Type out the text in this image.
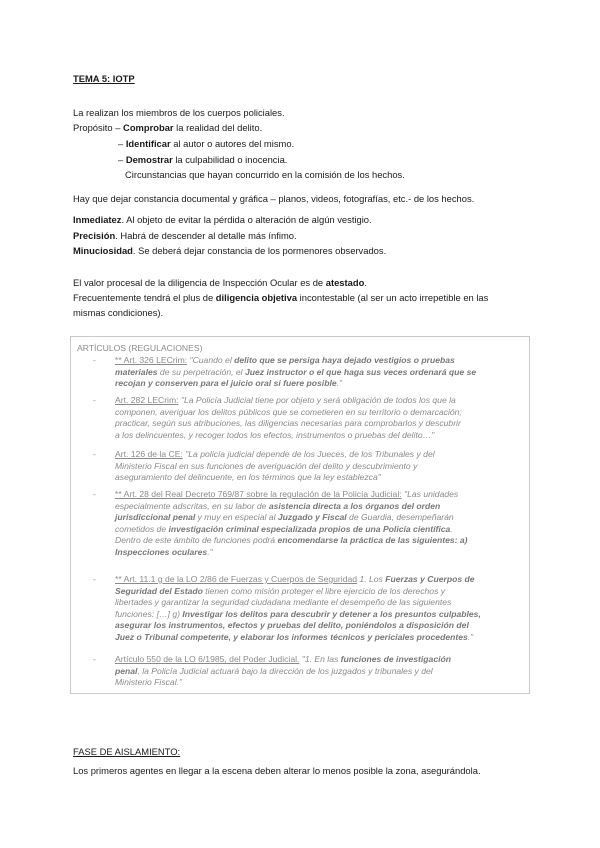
TEMA 5: IOTP
La realizan los miembros de los cuerpos policiales.
Propósito – Comprobar la realidad del delito.
– Identificar al autor o autores del mismo.
– Demostrar la culpabilidad o inocencia.
Circunstancias que hayan concurrido en la comisión de los hechos.
Hay que dejar constancia documental y gráfica – planos, videos, fotografías, etc.- de los hechos.
Inmediatez. Al objeto de evitar la pérdida o alteración de algún vestigio.
Precisión. Habrá de descender al detalle más ínfimo.
Minuciosidad. Se deberá dejar constancia de los pormenores observados.
El valor procesal de la diligencia de Inspección Ocular es de atestado.
Frecuentemente tendrá el plus de diligencia objetiva incontestable (al ser un acto irrepetible en las
mismas condiciones).
ARTÍCULOS (REGULACIONES)
- ** Art. 326 LECrim: "Cuando el delito que se persiga haya dejado vestigios o pruebas
materiales de su perpetración, el Juez instructor o el que haga sus veces ordenará que se
recojan y conserven para el juicio oral si fuere posible."
- Art. 282 LECrim: "La Policía Judicial tiene por objeto y será obligación de todos los que la
componen, averiguar los delitos públicos que se cometieren en su territorio o demarcación;
practicar, según sus atribuciones, las diligencias necesarias para comprobarlos y descubrir
a los delincuentes, y recoger todos los efectos, instrumentos o pruebas del delito…"
- Art. 126 de la CE: "La policía judicial depende de los Jueces, de los Tribunales y del
Ministerio Fiscal en sus funciones de averiguación del delito y descubrimiento y
aseguramiento del delincuente, en los términos que la ley establezca"
- ** Art. 28 del Real Decreto 769/87 sobre la regulación de la Policía Judicial: "Las unidades
especialmente adscritas, en su labor de asistencia directa a los órganos del orden
jurisdiccional penal y muy en especial al Juzgado y Fiscal de Guardia, desempeñarán
cometidos de investigación criminal especializada propios de una Policía científica.
Dentro de este ámbito de funciones podrá encomendarse la práctica de las siguientes: a)
Inspecciones oculares."
- ** Art. 11.1 g de la LO 2/86 de Fuerzas y Cuerpos de Seguridad 1. Los Fuerzas y Cuerpos de
Seguridad del Estado tienen como misión proteger el libre ejercicio de los derechos y
libertades y garantizar la seguridad ciudadana mediante el desempeño de las siguientes
funciones: […] g) Investigar los delitos para descubrir y detener a los presuntos culpables,
asegurar los instrumentos, efectos y pruebas del delito, poniéndolos a disposición del
Juez o Tribunal competente, y elaborar los informes técnicos y periciales procedentes."
- Artículo 550 de la LO 6/1985, del Poder Judicial. "1. En las funciones de investigación
penal, la Policía Judicial actuará bajo la dirección de los juzgados y tribunales y del
Ministerio Fiscal."
FASE DE AISLAMIENTO:
Los primeros agentes en llegar a la escena deben alterar lo menos posible la zona, asegurándola.
